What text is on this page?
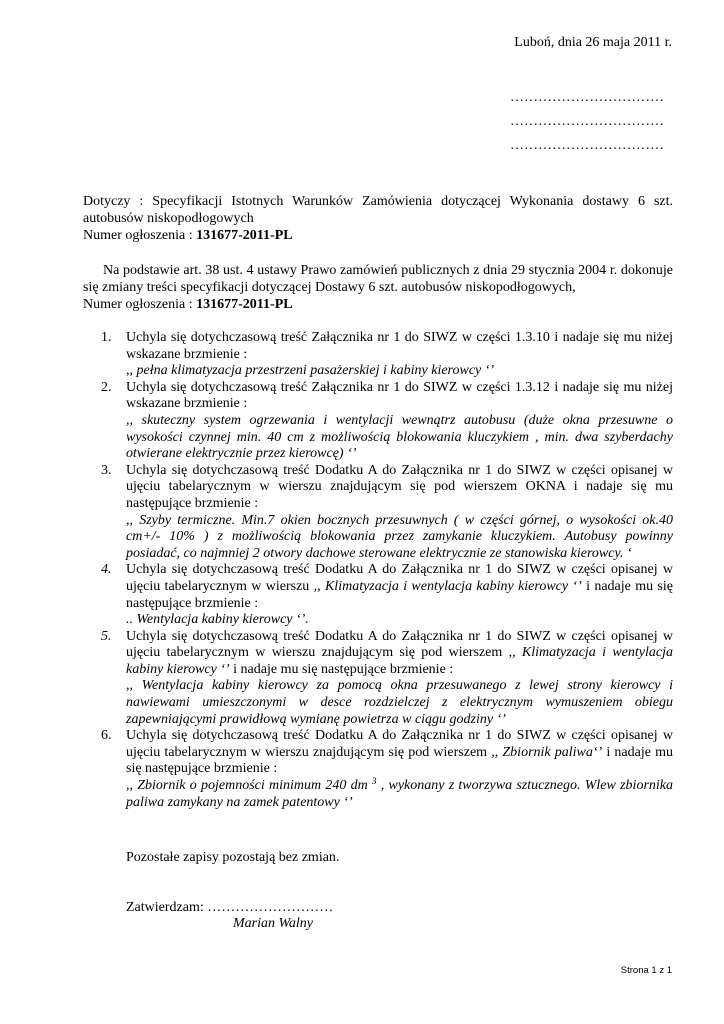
Luboń, dnia 26 maja 2011 r.
……………………………
……………………………
……………………………
Dotyczy : Specyfikacji Istotnych Warunków Zamówienia dotyczącej Wykonania dostawy 6 szt. autobusów niskopodłogowych
Numer ogłoszenia : 131677-2011-PL
Na podstawie art. 38 ust. 4 ustawy Prawo zamówień publicznych z dnia 29 stycznia 2004 r. dokonuje się zmiany treści specyfikacji dotyczącej Dostawy 6 szt. autobusów niskopodłogowych,
Numer ogłoszenia : 131677-2011-PL
1. Uchyla się dotychczasową treść Załącznika nr 1 do SIWZ w części 1.3.10 i nadaje się mu niżej wskazane brzmienie :
,, pełna klimatyzacja przestrzeni pasażerskiej i kabiny kierowcy ‘’
2. Uchyla się dotychczasową treść Załącznika nr 1 do SIWZ w części 1.3.12 i nadaje się mu niżej wskazane brzmienie :
,, skuteczny system ogrzewania i wentylacji wewnątrz autobusu (duże okna przesuwne o wysokości czynnej min. 40 cm z możliwością blokowania kluczykiem , min. dwa szyberdachy otwierane elektrycznie przez kierowcę) ‘’
3. Uchyla się dotychczasową treść Dodatku A do Załącznika nr 1 do SIWZ w części opisanej w ujęciu tabelarycznym w wierszu znajdującym się pod wierszem OKNA i nadaje się mu następujące brzmienie :
,, Szyby termiczne. Min.7 okien bocznych przesuwnych ( w części górnej, o wysokości ok.40 cm+/- 10% ) z możliwością blokowania przez zamykanie kluczykiem. Autobusy powinny posiadać, co najmniej 2 otwory dachowe sterowane elektrycznie ze stanowiska kierowcy. ‘
4. Uchyla się dotychczasową treść Dodatku A do Załącznika nr 1 do SIWZ w części opisanej w ujęciu tabelarycznym w wierszu ,, Klimatyzacja i wentylacja kabiny kierowcy ‘’ i nadaje mu się następujące brzmienie :
.. Wentylacja kabiny kierowcy ‘’.
5. Uchyla się dotychczasową treść Dodatku A do Załącznika nr 1 do SIWZ w części opisanej w ujęciu tabelarycznym w wierszu znajdującym się pod wierszem ,, Klimatyzacja i wentylacja kabiny kierowcy ‘’ i nadaje mu się następujące brzmienie :
,, Wentylacja kabiny kierowcy za pomocą okna przesuwanego z lewej strony kierowcy i nawiewami umieszczonymi w desce rozdzielczej z elektrycznym wymuszeniem obiegu zapewniającymi prawidłową wymianę powietrza w ciągu godziny ‘’
6. Uchyla się dotychczasową treść Dodatku A do Załącznika nr 1 do SIWZ w części opisanej w ujęciu tabelarycznym w wierszu znajdującym się pod wierszem ,, Zbiornik paliwa‘’ i nadaje mu się następujące brzmienie :
,, Zbiornik o pojemności minimum 240 dm $^3$ , wykonany z tworzywa sztucznego. Wlew zbiornika paliwa zamykany na zamek patentowy ‘’
Pozostałe zapisy pozostają bez zmian.
Zatwierdzam: ………………………
Marian Walny
Strona 1 z 1
